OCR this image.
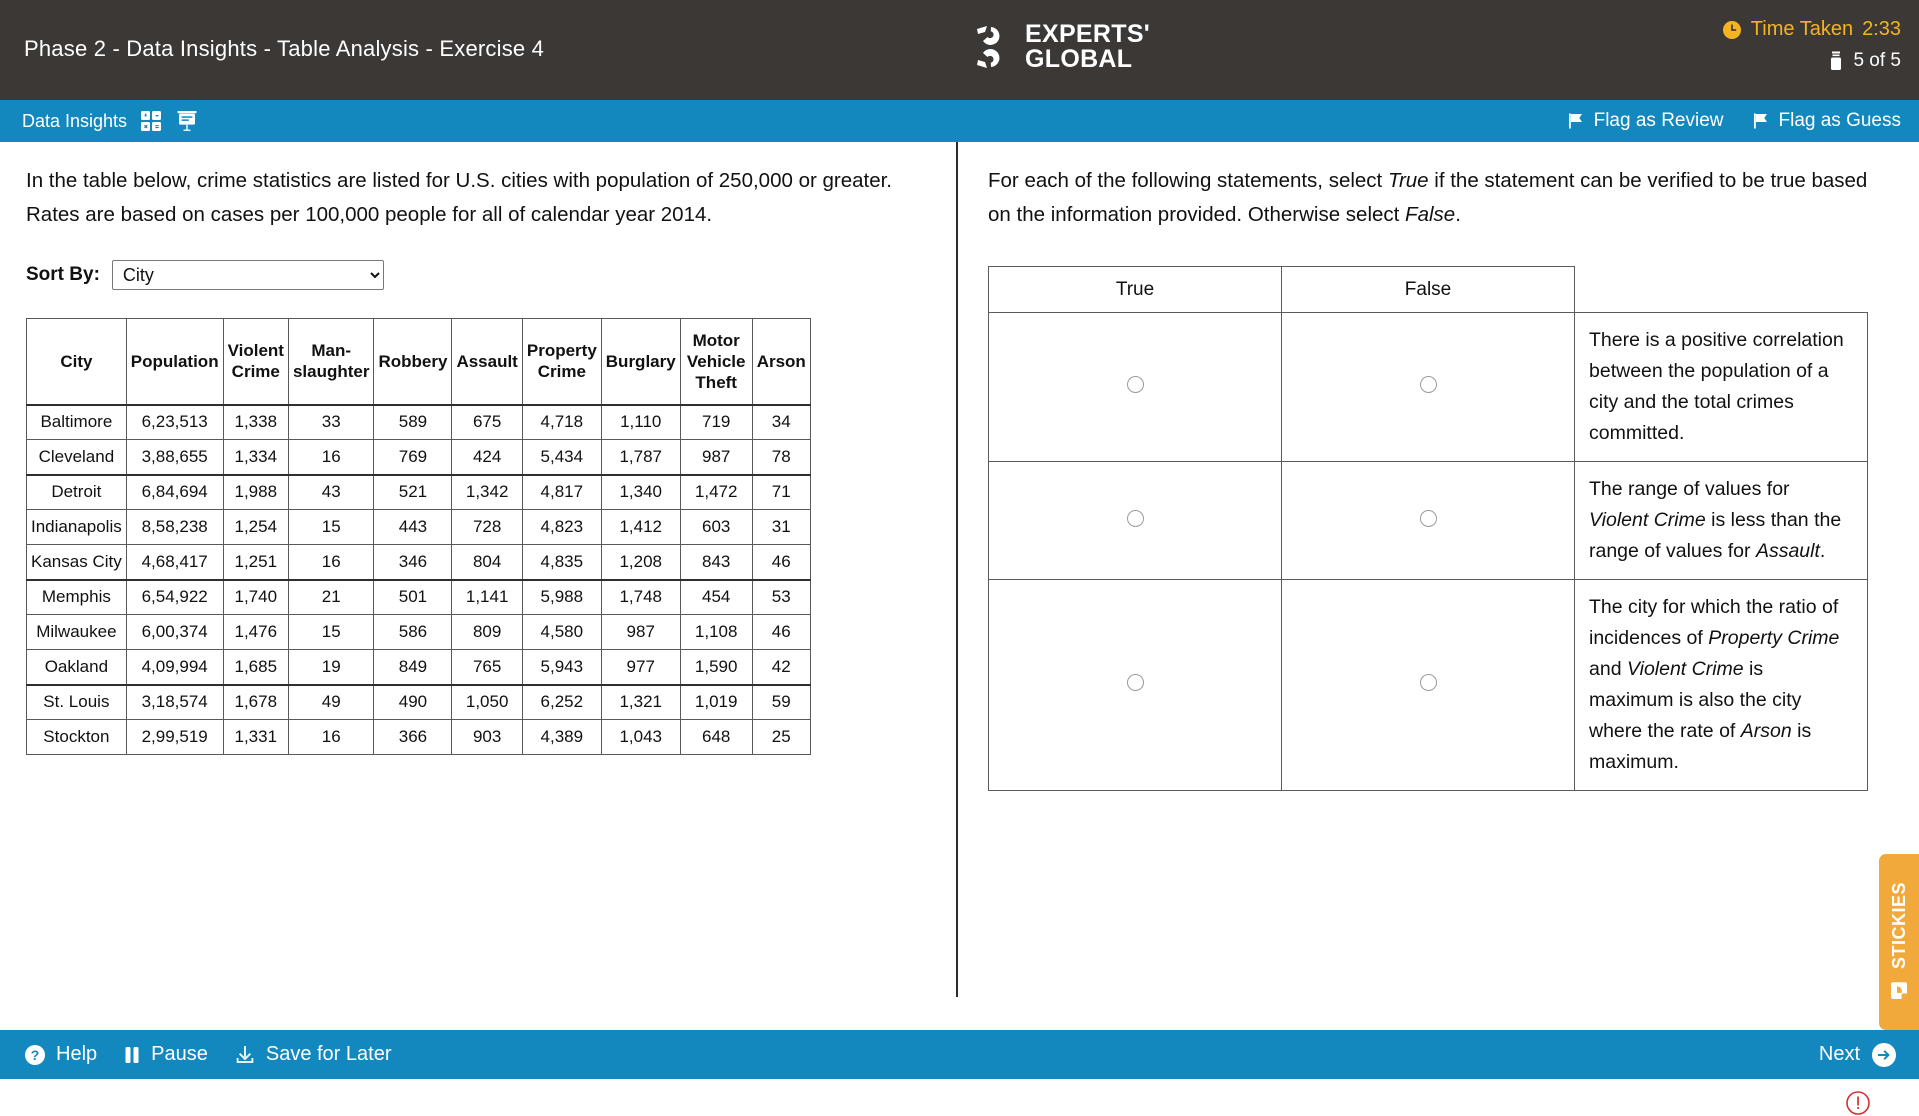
Phase 2 - Data Insights - Table Analysis - Exercise 4
EXPERTS'
GLOBAL
Time Taken 2:33
5 of 5
Data Insights	Flag as Review	Flag as Guess
In the table below, crime statistics are listed for U.S. cities with population of 250,000 or greater. Rates are based on cases per 100,000 people for all of calendar year 2014.
Sort By:
City
City	Population	Violent Crime	Man-slaughter	Robbery	Assault	Property Crime	Burglary	Motor Vehicle Theft	Arson
Baltimore	6,23,513	1,338	33	589	675	4,718	1,110	719	34
Cleveland	3,88,655	1,334	16	769	424	5,434	1,787	987	78
Detroit	6,84,694	1,988	43	521	1,342	4,817	1,340	1,472	71
Indianapolis	8,58,238	1,254	15	443	728	4,823	1,412	603	31
Kansas City	4,68,417	1,251	16	346	804	4,835	1,208	843	46
Memphis	6,54,922	1,740	21	501	1,141	5,988	1,748	454	53
Milwaukee	6,00,374	1,476	15	586	809	4,580	987	1,108	46
Oakland	4,09,994	1,685	19	849	765	5,943	977	1,590	42
St. Louis	3,18,574	1,678	49	490	1,050	6,252	1,321	1,019	59
Stockton	2,99,519	1,331	16	366	903	4,389	1,043	648	25
For each of the following statements, select True if the statement can be verified to be true based on the information provided. Otherwise select False.
True	False	
		There is a positive correlation between the population of a city and the total crimes committed.
		The range of values for Violent Crime is less than the range of values for Assault.
		The city for which the ratio of incidences of Property Crime and Violent Crime is maximum is also the city where the rate of Arson is maximum.
STICKIES
? Help	Pause	Save for Later	Next
